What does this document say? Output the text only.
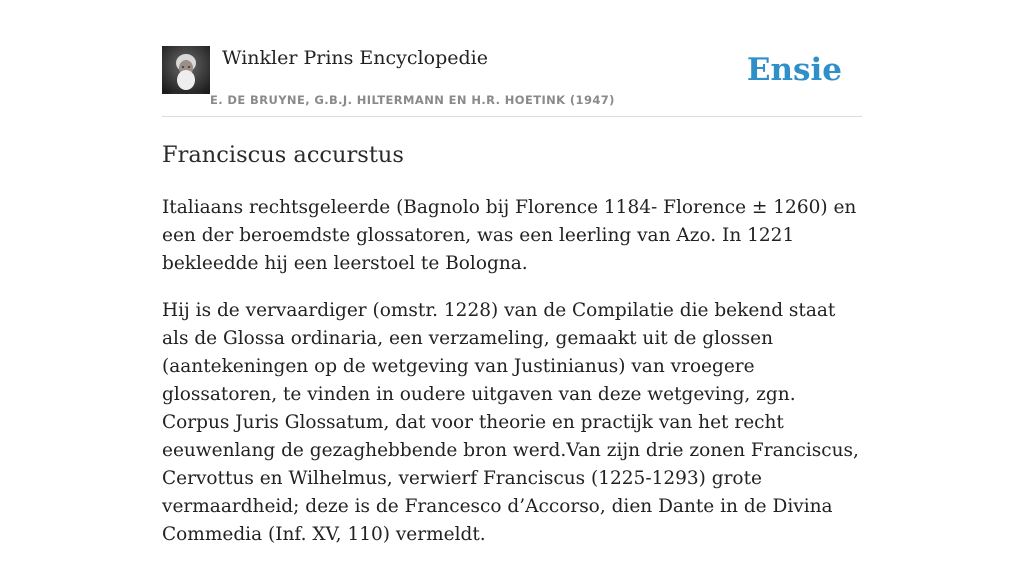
Winkler Prins Encyclopedie
E. DE BRUYNE, G.B.J. HILTERMANN EN H.R. HOETINK (1947)
Ensie
Franciscus accurstus

Italiaans rechtsgeleerde (Bagnolo bij Florence 1184- Florence ± 1260) en een der beroemdste glossatoren, was een leerling van Azo. In 1221 bekleedde hij een leerstoel te Bologna.

Hij is de vervaardiger (omstr. 1228) van de Compilatie die bekend staat als de Glossa ordinaria, een verzameling, gemaakt uit de glossen (aantekeningen op de wetgeving van Justinianus) van vroegere glossatoren, te vinden in oudere uitgaven van deze wetgeving, zgn. Corpus Juris Glossatum, dat voor theorie en practijk van het recht eeuwenlang de gezaghebbende bron werd.Van zijn drie zonen Franciscus, Cervottus en Wilhelmus, verwierf Franciscus (1225-1293) grote vermaardheid; deze is de Francesco d’Accorso, dien Dante in de Divina Commedia (Inf. XV, 110) vermeldt.
